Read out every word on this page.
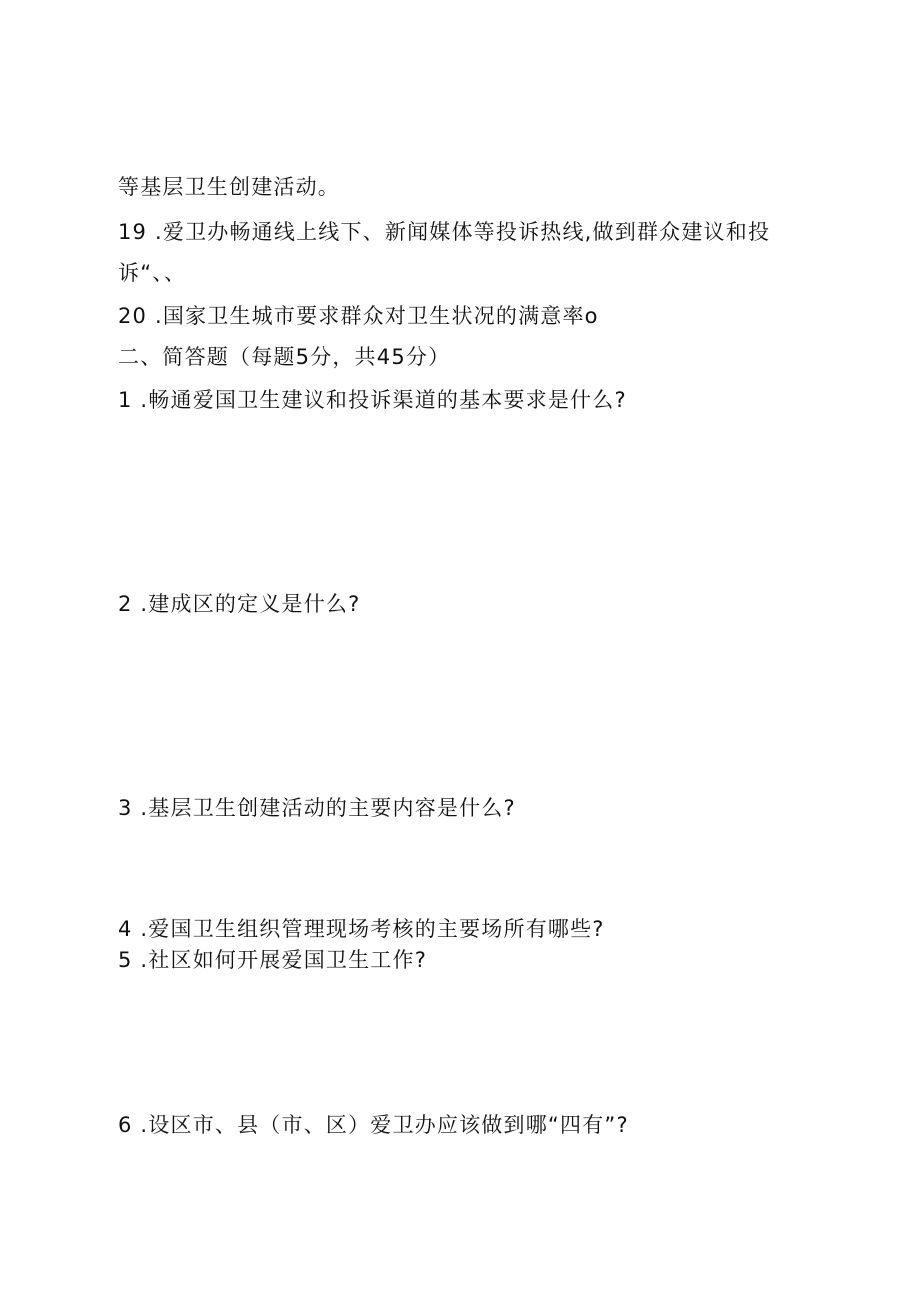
等基层卫生创建活动。
19 .爱卫办畅通线上线下、新闻媒体等投诉热线,做到群众建议和投
诉“、、
20 .国家卫生城市要求群众对卫生状况的满意率o
二、简答题（每题5分，共45分）
1 .畅通爱国卫生建议和投诉渠道的基本要求是什么?
2 .建成区的定义是什么?
3 .基层卫生创建活动的主要内容是什么?
4 .爱国卫生组织管理现场考核的主要场所有哪些?
5 .社区如何开展爱国卫生工作?
6 .设区市、县（市、区）爱卫办应该做到哪“四有”?
